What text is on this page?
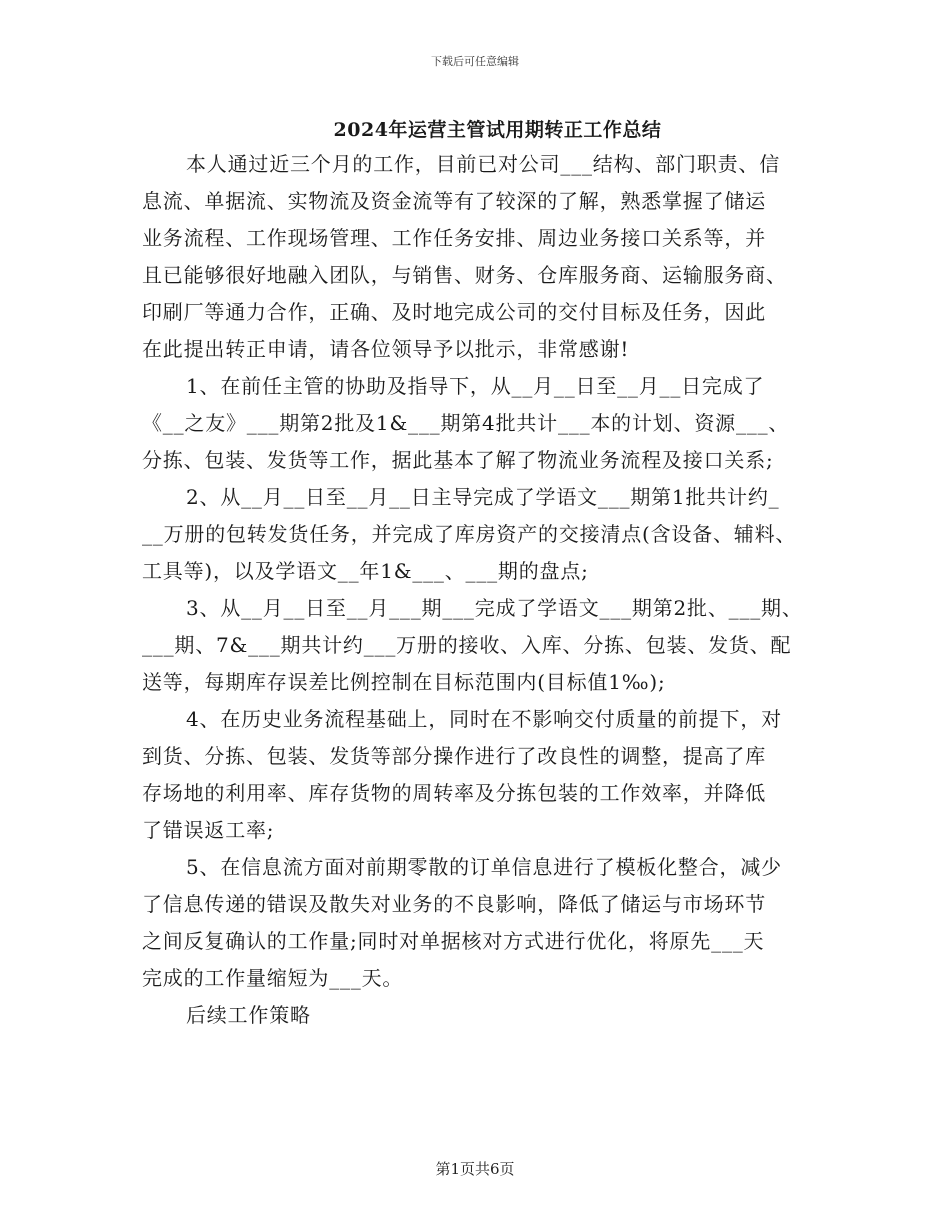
下载后可任意编辑
2024年运营主管试用期转正工作总结
本人通过近三个月的工作，目前已对公司___结构、部门职责、信
息流、单据流、实物流及资金流等有了较深的了解，熟悉掌握了储运
业务流程、工作现场管理、工作任务安排、周边业务接口关系等，并
且已能够很好地融入团队，与销售、财务、仓库服务商、运输服务商、
印刷厂等通力合作，正确、及时地完成公司的交付目标及任务，因此
在此提出转正申请，请各位领导予以批示，非常感谢!
1、在前任主管的协助及指导下，从__月__日至__月__日完成了
《__之友》___期第2批及1&___期第4批共计___本的计划、资源___、
分拣、包装、发货等工作，据此基本了解了物流业务流程及接口关系;
2、从__月__日至__月__日主导完成了学语文___期第1批共计约_
__万册的包转发货任务，并完成了库房资产的交接清点(含设备、辅料、
工具等)，以及学语文__年1&___、___期的盘点;
3、从__月__日至__月___期___完成了学语文___期第2批、___期、
___期、7&___期共计约___万册的接收、入库、分拣、包装、发货、配
送等，每期库存误差比例控制在目标范围内(目标值1‰);
4、在历史业务流程基础上，同时在不影响交付质量的前提下，对
到货、分拣、包装、发货等部分操作进行了改良性的调整，提高了库
存场地的利用率、库存货物的周转率及分拣包装的工作效率，并降低
了错误返工率;
5、在信息流方面对前期零散的订单信息进行了模板化整合，减少
了信息传递的错误及散失对业务的不良影响，降低了储运与市场环节
之间反复确认的工作量;同时对单据核对方式进行优化，将原先___天
完成的工作量缩短为___天。
后续工作策略
第1页共6页
